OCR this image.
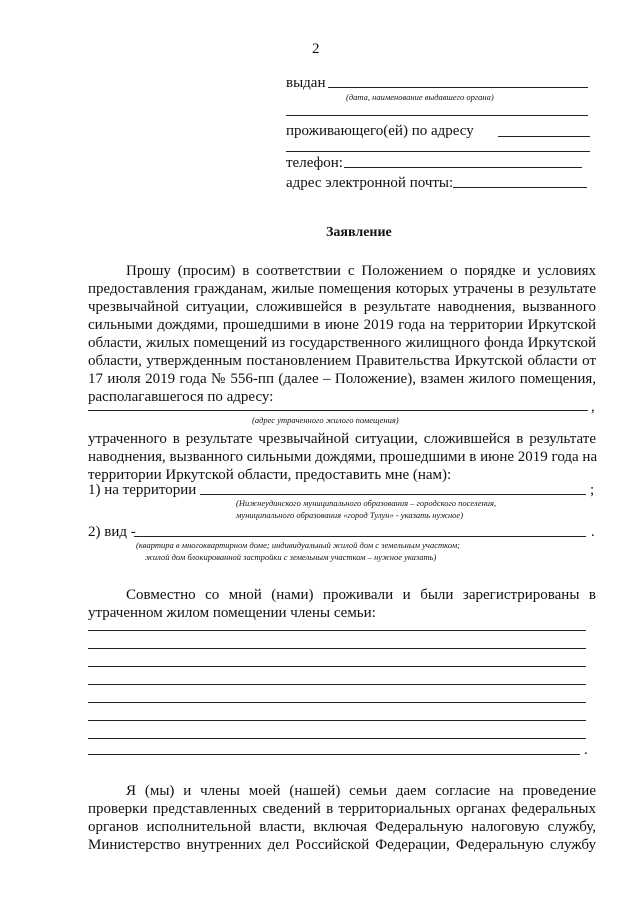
2
выдан
(дата, наименование выдавшего органа)
проживающего(ей) по адресу
телефон:
адрес электронной почты:
Заявление
Прошу (просим) в соответствии с Положением о порядке и условиях
предоставления гражданам, жилые помещения которых утрачены в результате
чрезвычайной ситуации, сложившейся в результате наводнения, вызванного
сильными дождями, прошедшими в июне 2019 года на территории Иркутской
области, жилых помещений из государственного жилищного фонда Иркутской
области, утвержденным постановлением Правительства Иркутской области от
17 июля 2019 года № 556-пп (далее – Положение), взамен жилого помещения,
располагавшегося по адресу:
,
(адрес утраченного жилого помещения)
утраченного в результате чрезвычайной ситуации, сложившейся в результате
наводнения, вызванного сильными дождями, прошедшими в июне 2019 года на
территории Иркутской области, предоставить мне (нам):
1) на территории	;
(Нижнеудинского муниципального образования – городского поселения,
муниципального образования «город Тулун» - указать нужное)
2) вид -	.
(квартира в многоквартирном доме; индивидуальный жилой дом с земельным участком;
жилой дом блокированной застройки с земельным участком – нужное указать)
Совместно со мной (нами) проживали и были зарегистрированы в
утраченном жилом помещении члены семьи:
.
Я (мы) и члены моей (нашей) семьи даем согласие на проведение
проверки представленных сведений в территориальных органах федеральных
органов исполнительной власти, включая Федеральную налоговую службу,
Министерство внутренних дел Российской Федерации, Федеральную службу
